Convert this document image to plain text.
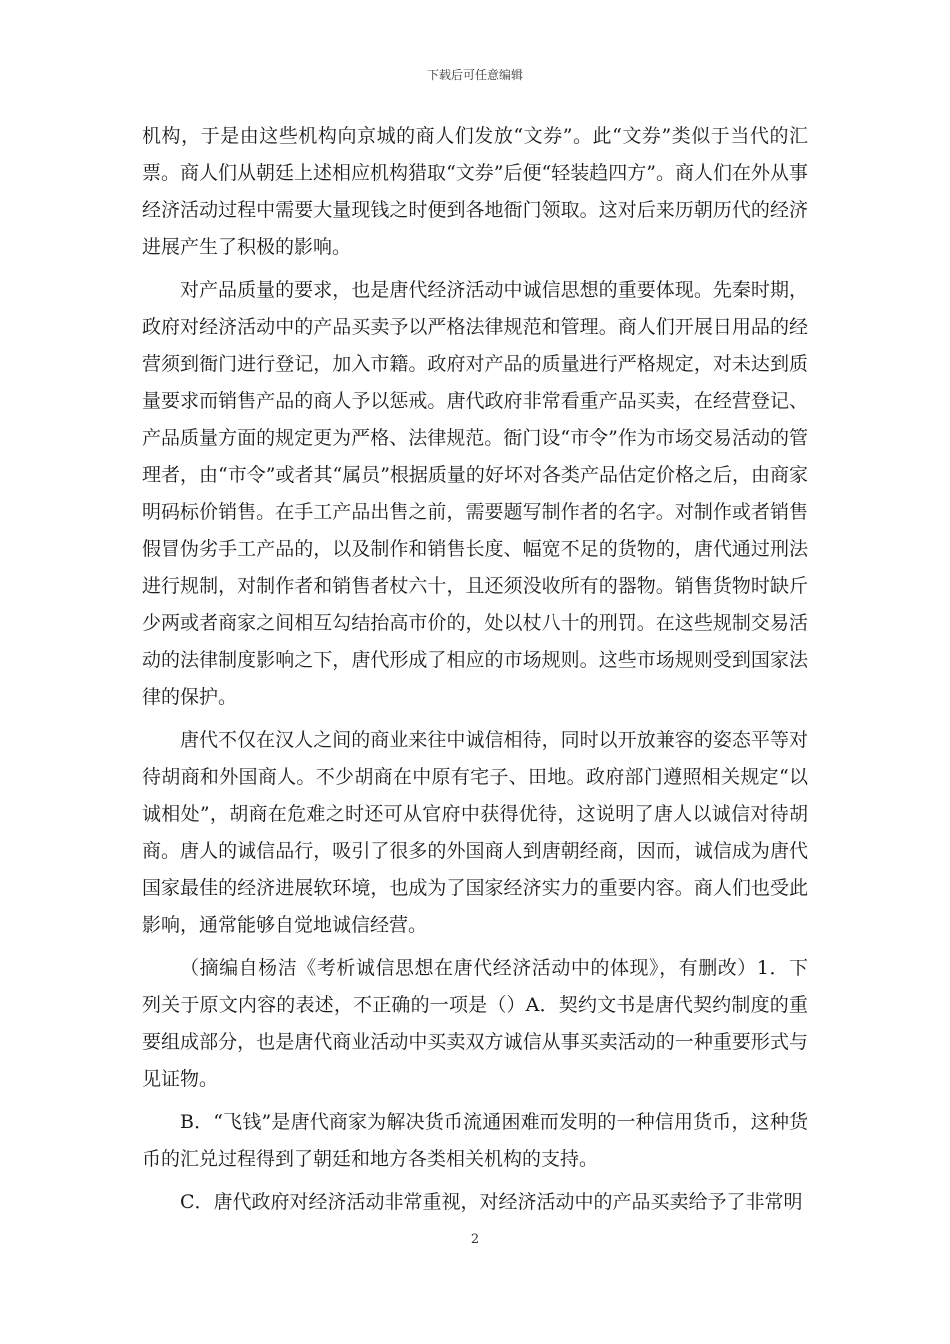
下载后可任意编辑

机构，于是由这些机构向京城的商人们发放“文券”。此“文券”类似于当代的汇票。商人们从朝廷上述相应机构猎取“文券”后便“轻装趋四方”。商人们在外从事经济活动过程中需要大量现钱之时便到各地衙门领取。这对后来历朝历代的经济进展产生了积极的影响。

对产品质量的要求，也是唐代经济活动中诚信思想的重要体现。先秦时期，政府对经济活动中的产品买卖予以严格法律规范和管理。商人们开展日用品的经营须到衙门进行登记，加入市籍。政府对产品的质量进行严格规定，对未达到质量要求而销售产品的商人予以惩戒。唐代政府非常看重产品买卖，在经营登记、产品质量方面的规定更为严格、法律规范。衙门设“市令”作为市场交易活动的管理者，由“市令”或者其“属员”根据质量的好坏对各类产品估定价格之后，由商家明码标价销售。在手工产品出售之前，需要题写制作者的名字。对制作或者销售假冒伪劣手工产品的，以及制作和销售长度、幅宽不足的货物的，唐代通过刑法进行规制，对制作者和销售者杖六十，且还须没收所有的器物。销售货物时缺斤少两或者商家之间相互勾结抬高市价的，处以杖八十的刑罚。在这些规制交易活动的法律制度影响之下，唐代形成了相应的市场规则。这些市场规则受到国家法律的保护。

唐代不仅在汉人之间的商业来往中诚信相待，同时以开放兼容的姿态平等对待胡商和外国商人。不少胡商在中原有宅子、田地。政府部门遵照相关规定“以诚相处”，胡商在危难之时还可从官府中获得优待，这说明了唐人以诚信对待胡商。唐人的诚信品行，吸引了很多的外国商人到唐朝经商，因而，诚信成为唐代国家最佳的经济进展软环境，也成为了国家经济实力的重要内容。商人们也受此影响，通常能够自觉地诚信经营。

（摘编自杨洁《考析诚信思想在唐代经济活动中的体现》，有删改）1．下列关于原文内容的表述，不正确的一项是（）A．契约文书是唐代契约制度的重要组成部分，也是唐代商业活动中买卖双方诚信从事买卖活动的一种重要形式与见证物。

B．“飞钱”是唐代商家为解决货币流通困难而发明的一种信用货币，这种货币的汇兑过程得到了朝廷和地方各类相关机构的支持。

C．唐代政府对经济活动非常重视，对经济活动中的产品买卖给予了非常明

2
